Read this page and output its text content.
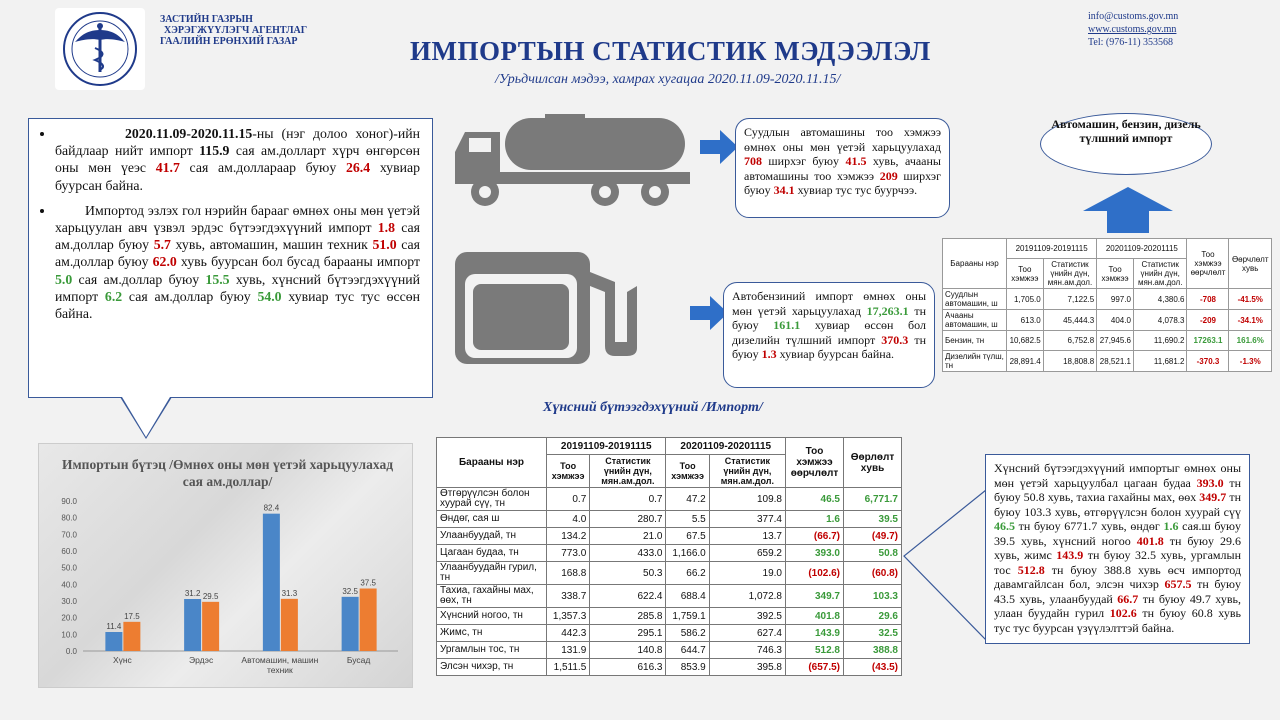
ЗАСТИЙН ГАЗРЫН
ХЭРЭГЖҮҮЛЭГЧ АГЕНТЛАГ
ГААЛИЙН ЕРӨНХИЙ ГАЗАР
info@customs.gov.mn
www.customs.gov.mn
Tel: (976-11) 353568
ИМПОРТЫН СТАТИСТИК МЭДЭЭЛЭЛ
/Урьдчилсан мэдээ, хамрах хугацаа 2020.11.09-2020.11.15/
• 2020.11.09-2020.11.15-ны (нэг долоо хоног)-ийн байдлаар нийт импорт 115.9 сая ам.долларт хүрч өнгөрсөн оны мөн үеэс 41.7 сая ам.доллараар буюу 26.4 хувиар буурсан байна.
• Импортод эзлэх гол нэрийн барааг өмнөх оны мөн үетэй харьцуулан авч үзвэл эрдэс бүтээгдэхүүний импорт 1.8 сая ам.доллар буюу 5.7 хувь, автомашин, машин техник 51.0 сая ам.доллар буюу 62.0 хувь буурсан бол бусад барааны импорт 5.0 сая ам.доллар буюу 15.5 хувь, хүнсний бүтээгдэхүүний импорт 6.2 сая ам.доллар буюу 54.0 хувиар тус тус өссөн байна.
Суудлын автомашины тоо хэмжээ өмнөх оны мөн үетэй харьцуулахад 708 ширхэг буюу 41.5 хувь, ачааны автомашины тоо хэмжээ 209 ширхэг буюу 34.1 хувиар тус тус буурчээ.
Автобензиний импорт өмнөх оны мөн үетэй харьцуулахад 17,263.1 тн буюу 161.1 хувиар өссөн бол дизелийн түлшний импорт 370.3 тн буюу 1.3 хувиар буурсан байна.
Автомашин, бензин, дизель түлшний импорт
Барааны нэр	20191109-20191115		20201109-20201115		Тоо хэмжээ өөрчлөлт	Өөрчлөлт хувь
	Тоо хэмжээ	Статистик үнийн дүн, мян.ам.дол.	Тоо хэмжээ	Статистик үнийн дүн, мян.ам.дол.		
Суудлын автомашин, ш	1,705.0	7,122.5	997.0	4,380.6	-708	-41.5%
Ачааны автомашин, ш	613.0	45,444.3	404.0	4,078.3	-209	-34.1%
Бензин, тн	10,682.5	6,752.8	27,945.6	11,690.2	17263.1	161.6%
Дизелийн түлш, тн	28,891.4	18,808.8	28,521.1	11,681.2	-370.3	-1.3%
Хүнсний бүтээгдэхүүний /Импорт/
Барааны нэр	20191109-20191115		20201109-20201115		Тоо хэмжээ өөрчлөлт	Өөрлөлт хувь
	Тоо хэмжээ	Статистик үнийн дүн, мян.ам.дол.	Тоо хэмжээ	Статистик үнийн дүн, мян.ам.дол.		
Өтгөрүүлсэн болон хуурай сүү, тн	0.7	0.7	47.2	109.8	46.5	6,771.7
Өндөг, сая ш	4.0	280.7	5.5	377.4	1.6	39.5
Улаанбуудай, тн	134.2	21.0	67.5	13.7	(66.7)	(49.7)
Цагаан будаа, тн	773.0	433.0	1,166.0	659.2	393.0	50.8
Улаанбуудайн гурил, тн	168.8	50.3	66.2	19.0	(102.6)	(60.8)
Тахиа, гахайны мах, өөх, тн	338.7	622.4	688.4	1,072.8	349.7	103.3
Хүнсний ногоо, тн	1,357.3	285.8	1,759.1	392.5	401.8	29.6
Жимс, тн	442.3	295.1	586.2	627.4	143.9	32.5
Ургамлын тос, тн	131.9	140.8	644.7	746.3	512.8	388.8
Элсэн чихэр, тн	1,511.5	616.3	853.9	395.8	(657.5)	(43.5)
Хүнсний бүтээгдэхүүний импортыг өмнөх оны мөн үетэй харьцуулбал цагаан будаа 393.0 тн буюу 50.8 хувь, тахиа гахайны мах, өөх 349.7 тн буюу 103.3 хувь, өтгөрүүлсэн болон хуурай сүү 46.5 тн буюу 6771.7 хувь, өндөг 1.6 сая.ш буюу 39.5 хувь, хүнсний ногоо 401.8 тн буюу 29.6 хувь, жимс 143.9 тн буюу 32.5 хувь, ургамлын тос 512.8 тн буюу 388.8 хувь өсч импортод давамгайлсан бол, элсэн чихэр 657.5 тн буюу 43.5 хувь, улаанбуудай 66.7 тн буюу 49.7 хувь, улаан буудайн гурил 102.6 тн буюу 60.8 хувь тус тус буурсан үзүүлэлттэй байна.
Импортын бүтэц /Өмнөх оны мөн үетэй харьцуулахад сая ам.доллар/
0.0
10.0
20.0
30.0
40.0
50.0
60.0
70.0
80.0
90.0
11.4
17.5
Хүнс
31.2 29.5
Эрдэс
82.4
31.3
Автомашин, машин
техник
32.5
37.5
Бусад
